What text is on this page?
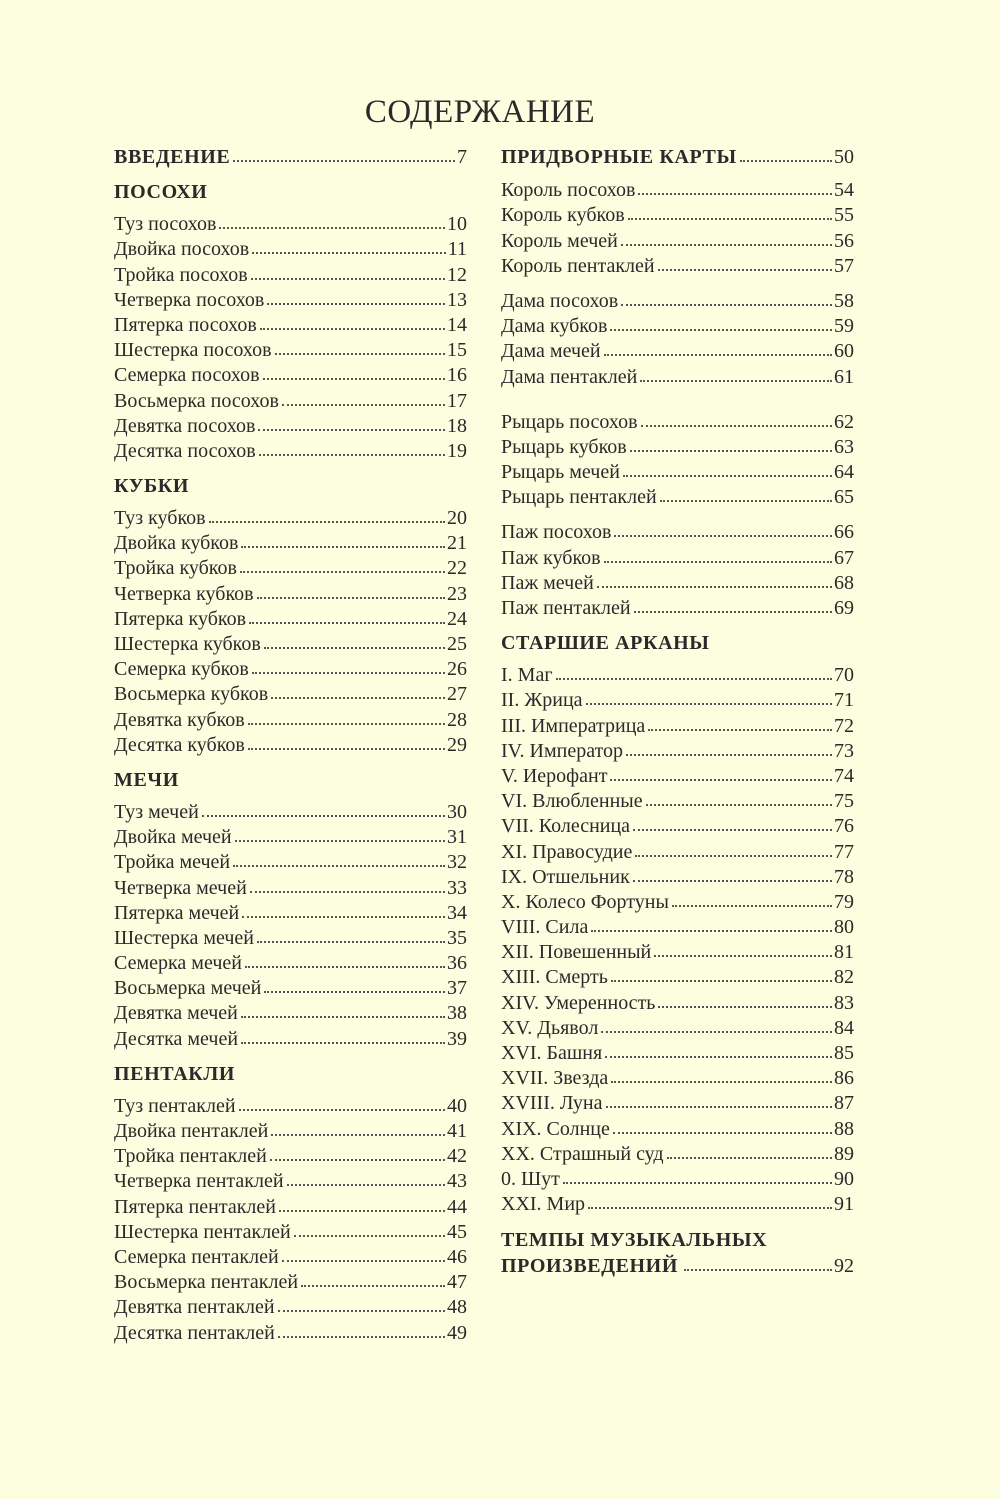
СОДЕРЖАНИЕ
ВВЕДЕНИЕ	7
ПОСОХИ
Туз посохов	10
Двойка посохов	11
Тройка посохов	12
Четверка посохов	13
Пятерка посохов	14
Шестерка посохов	15
Семерка посохов	16
Восьмерка посохов	17
Девятка посохов	18
Десятка посохов	19
КУБКИ
Туз кубков	20
Двойка кубков	21
Тройка кубков	22
Четверка кубков	23
Пятерка кубков	24
Шестерка кубков	25
Семерка кубков	26
Восьмерка кубков	27
Девятка кубков	28
Десятка кубков	29
МЕЧИ
Туз мечей	30
Двойка мечей	31
Тройка мечей	32
Четверка мечей	33
Пятерка мечей	34
Шестерка мечей	35
Семерка мечей	36
Восьмерка мечей	37
Девятка мечей	38
Десятка мечей	39
ПЕНТАКЛИ
Туз пентаклей	40
Двойка пентаклей	41
Тройка пентаклей	42
Четверка пентаклей	43
Пятерка пентаклей	44
Шестерка пентаклей	45
Семерка пентаклей	46
Восьмерка пентаклей	47
Девятка пентаклей	48
Десятка пентаклей	49
ПРИДВОРНЫЕ КАРТЫ	50
Король посохов	54
Король кубков	55
Король мечей	56
Король пентаклей	57
Дама посохов	58
Дама кубков	59
Дама мечей	60
Дама пентаклей	61
Рыцарь посохов	62
Рыцарь кубков	63
Рыцарь мечей	64
Рыцарь пентаклей	65
Паж посохов	66
Паж кубков	67
Паж мечей	68
Паж пентаклей	69
СТАРШИЕ АРКАНЫ
I. Маг	70
II. Жрица	71
III. Императрица	72
IV. Император	73
V. Иерофант	74
VI. Влюбленные	75
VII. Колесница	76
XI. Правосудие	77
IX. Отшельник	78
X. Колесо Фортуны	79
VIII. Сила	80
XII. Повешенный	81
XIII. Смерть	82
XIV. Умеренность	83
XV. Дьявол	84
XVI. Башня	85
XVII. Звезда	86
XVIII. Луна	87
XIX. Солнце	88
XX. Страшный суд	89
0. Шут	90
XXI. Мир	91
ТЕМПЫ МУЗЫКАЛЬНЫХ
ПРОИЗВЕДЕНИЙ	92
